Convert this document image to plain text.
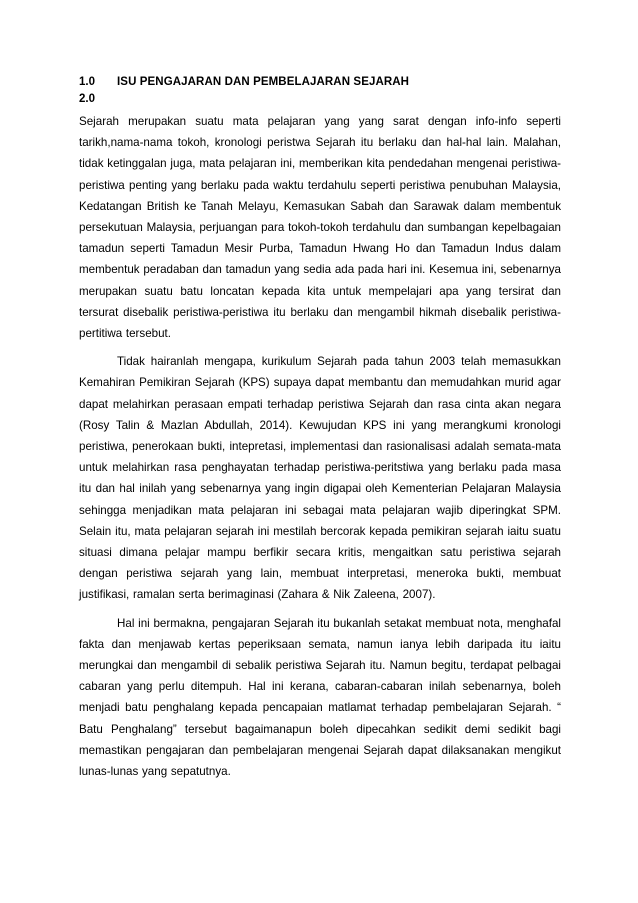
1.0	ISU PENGAJARAN DAN PEMBELAJARAN SEJARAH
2.0

Sejarah merupakan suatu mata pelajaran yang yang sarat dengan info-info seperti tarikh,nama-nama tokoh, kronologi peristwa Sejarah itu berlaku dan hal-hal lain. Malahan, tidak ketinggalan juga, mata pelajaran ini, memberikan kita pendedahan mengenai peristiwa-peristiwa penting yang berlaku pada waktu terdahulu seperti peristiwa penubuhan Malaysia, Kedatangan British ke Tanah Melayu, Kemasukan Sabah dan Sarawak dalam membentuk persekutuan Malaysia, perjuangan para tokoh-tokoh terdahulu dan sumbangan kepelbagaian tamadun seperti Tamadun Mesir Purba, Tamadun Hwang Ho dan Tamadun Indus dalam membentuk peradaban dan tamadun yang sedia ada pada hari ini. Kesemua ini, sebenarnya merupakan suatu batu loncatan kepada kita untuk mempelajari apa yang tersirat dan tersurat disebalik peristiwa-peristiwa itu berlaku dan mengambil hikmah disebalik peristiwa-pertitiwa tersebut.

Tidak hairanlah mengapa, kurikulum Sejarah pada tahun 2003 telah memasukkan Kemahiran Pemikiran Sejarah (KPS) supaya dapat membantu dan memudahkan murid agar dapat melahirkan perasaan empati terhadap peristiwa Sejarah dan rasa cinta akan negara (Rosy Talin & Mazlan Abdullah, 2014). Kewujudan KPS ini yang merangkumi kronologi peristiwa, penerokaan bukti, intepretasi, implementasi dan rasionalisasi adalah semata-mata untuk melahirkan rasa penghayatan terhadap peristiwa-peritstiwa yang berlaku pada masa itu dan hal inilah yang sebenarnya yang ingin digapai oleh Kementerian Pelajaran Malaysia sehingga menjadikan mata pelajaran ini sebagai mata pelajaran wajib diperingkat SPM. Selain itu, mata pelajaran sejarah ini mestilah bercorak kepada pemikiran sejarah iaitu suatu situasi dimana pelajar mampu berfikir secara kritis, mengaitkan satu peristiwa sejarah dengan peristiwa sejarah yang lain, membuat interpretasi, meneroka bukti, membuat justifikasi, ramalan serta berimaginasi (Zahara & Nik Zaleena, 2007).

Hal ini bermakna, pengajaran Sejarah itu bukanlah setakat membuat nota, menghafal fakta dan menjawab kertas peperiksaan semata, namun ianya lebih daripada itu iaitu merungkai dan mengambil di sebalik peristiwa Sejarah itu. Namun begitu, terdapat pelbagai cabaran yang perlu ditempuh. Hal ini kerana, cabaran-cabaran inilah sebenarnya, boleh menjadi batu penghalang kepada pencapaian matlamat terhadap pembelajaran Sejarah. “ Batu Penghalang” tersebut bagaimanapun boleh dipecahkan sedikit demi sedikit bagi memastikan pengajaran dan pembelajaran mengenai Sejarah dapat dilaksanakan mengikut lunas-lunas yang sepatutnya.
